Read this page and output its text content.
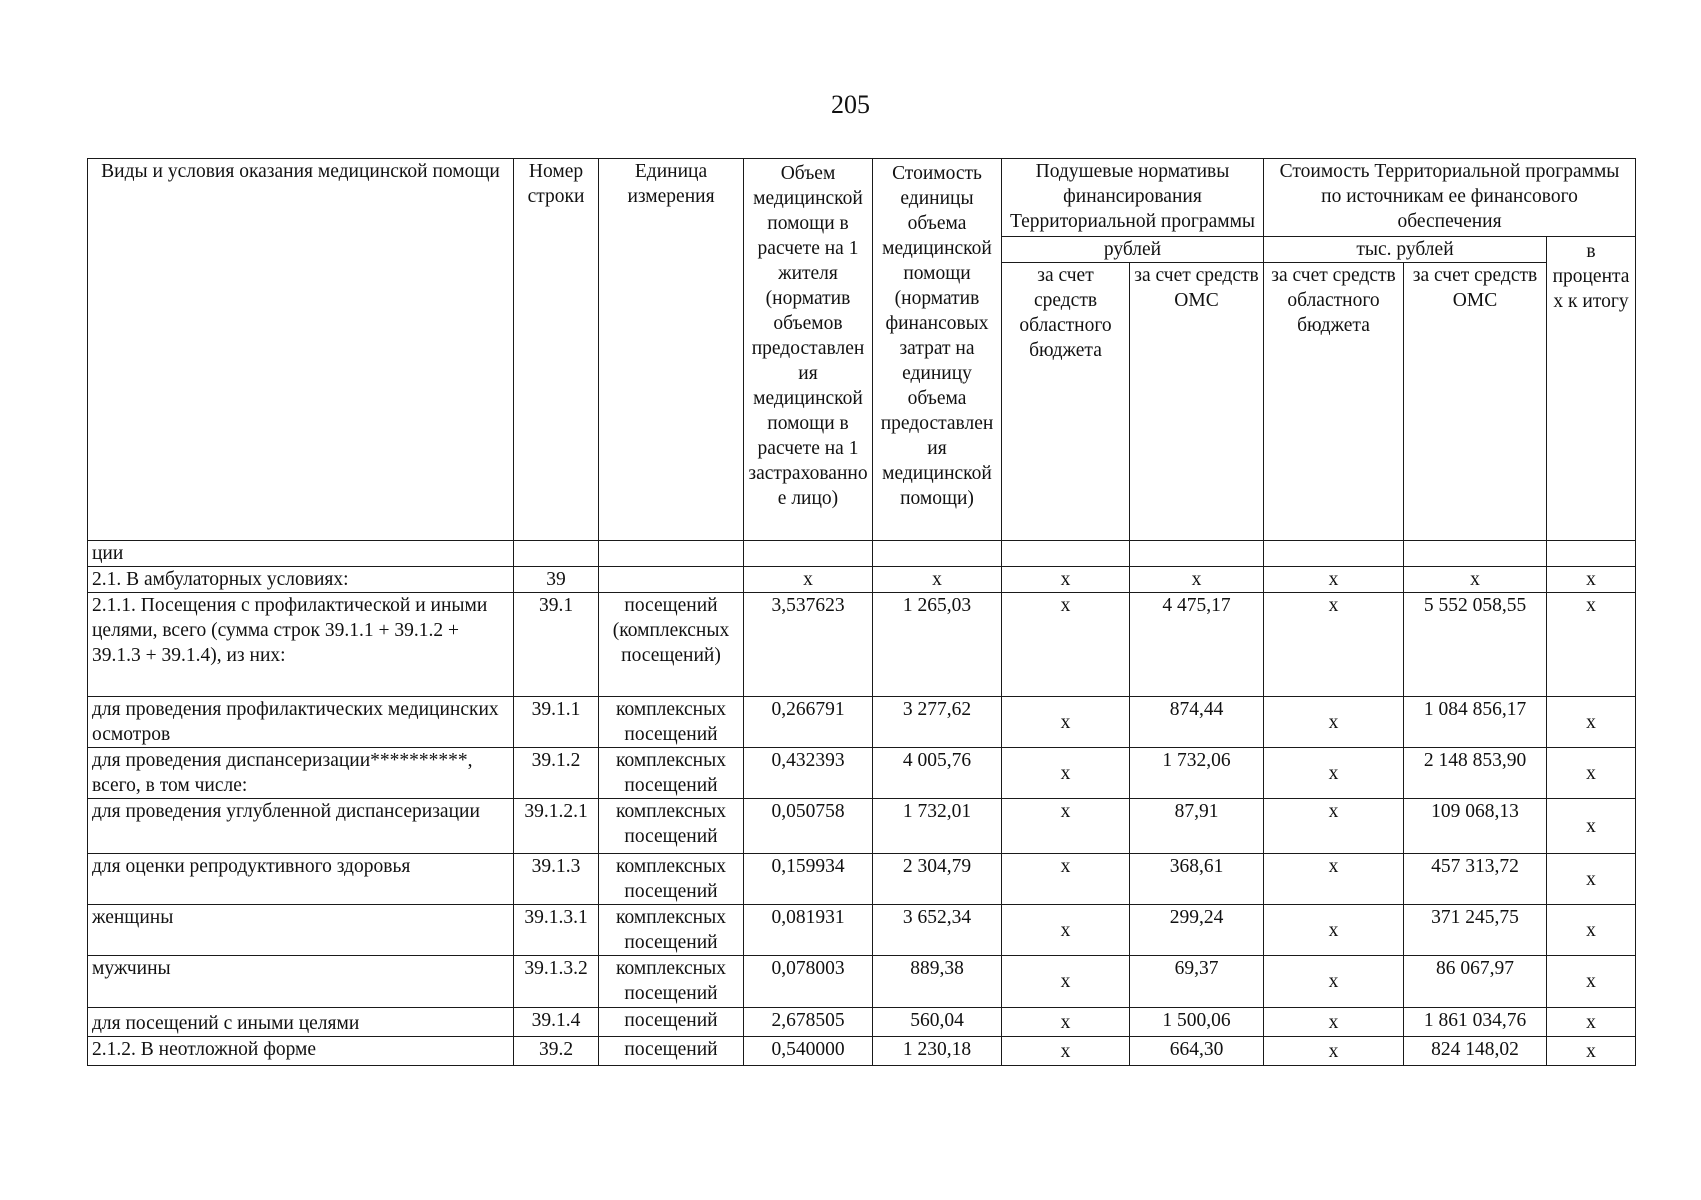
205
Виды и условия оказания медицинской помощи	Номер строки	Единица измерения	Объем медицинской помощи в расчете на 1 жителя (норматив объемов предоставления медицинской помощи в расчете на 1 застрахованное лицо)	Стоимость единицы объема медицинской помощи (норматив финансовых затрат на единицу объема предоставления медицинской помощи)	Подушевые нормативы финансирования Территориальной программы		Стоимость Территориальной программы по источникам ее финансового обеспечения		
					рублей		тыс. рублей		в процентах к итогу
					за счет средств областного бюджета	за счет средств ОМС	за счет средств областного бюджета	за счет средств ОМС	
ции									
2.1. В амбулаторных условиях:	39		x	x	x	x	x	x	x
2.1.1. Посещения с профилактической и иными целями, всего (сумма строк 39.1.1 + 39.1.2 + 39.1.3 + 39.1.4), из них:	39.1	посещений (комплексных посещений)	3,537623	1 265,03	x	4 475,17	x	5 552 058,55	x
для проведения профилактических медицинских осмотров	39.1.1	комплексных посещений	0,266791	3 277,62	x	874,44	x	1 084 856,17	x
для проведения диспансеризации**********, всего, в том числе:	39.1.2	комплексных посещений	0,432393	4 005,76	x	1 732,06	x	2 148 853,90	x
для проведения углубленной диспансеризации	39.1.2.1	комплексных посещений	0,050758	1 732,01	x	87,91	x	109 068,13	x
для оценки репродуктивного здоровья	39.1.3	комплексных посещений	0,159934	2 304,79	x	368,61	x	457 313,72	x
женщины	39.1.3.1	комплексных посещений	0,081931	3 652,34	x	299,24	x	371 245,75	x
мужчины	39.1.3.2	комплексных посещений	0,078003	889,38	x	69,37	x	86 067,97	x
для посещений с иными целями	39.1.4	посещений	2,678505	560,04	x	1 500,06	x	1 861 034,76	x
2.1.2. В неотложной форме	39.2	посещений	0,540000	1 230,18	x	664,30	x	824 148,02	x
